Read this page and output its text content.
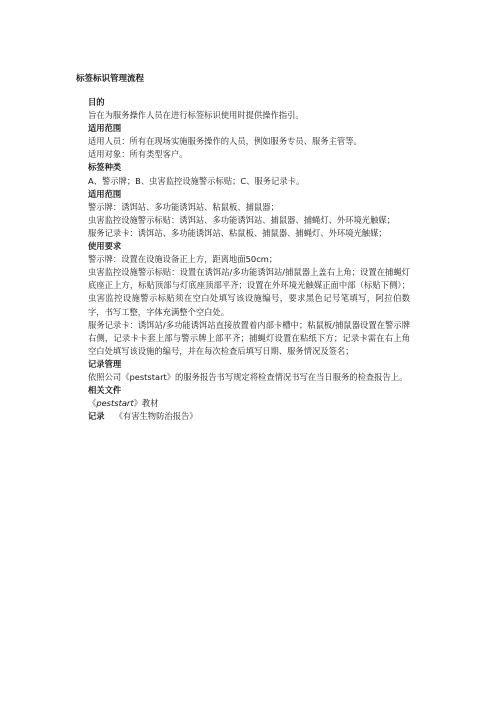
标签标识管理流程
目的
旨在为服务操作人员在进行标签标识使用时提供操作指引。
适用范围
适用人员：所有在现场实施服务操作的人员，例如服务专员、服务主管等。
适用对象：所有类型客户。
标签种类
A、警示牌；B、虫害监控设施警示标贴；C、服务记录卡。
适用范围
警示牌：诱饵站、多功能诱饵站、粘鼠板、捕鼠器；
虫害监控设施警示标贴：诱饵站、多功能诱饵站、捕鼠器、捕蝇灯、外环境光触媒；
服务记录卡：诱饵站、多功能诱饵站、粘鼠板、捕鼠器、捕蝇灯、外环境光触媒；
使用要求
警示牌：设置在设施设备正上方，距离地面50cm；
虫害监控设施警示标贴：设置在诱饵站/多功能诱饵站/捕鼠器上盖右上角；设置在捕蝇灯底座正上方，标贴顶部与灯底座顶部平齐；设置在外环境光触媒正面中部（标贴下侧）；虫害监控设施警示标贴须在空白处填写该设施编号，要求黑色记号笔填写，阿拉伯数字，书写工整，字体充满整个空白处。
服务记录卡：诱饵站/多功能诱饵站直接放置着内部卡槽中；粘鼠板/捕鼠器设置在警示牌右侧，记录卡卡套上部与警示牌上部平齐；捕蝇灯设置在粘纸下方；记录卡需在右上角空白处填写该设施的编号，并在每次检查后填写日期、服务情况及签名；
记录管理
依照公司《peststart》的服务报告书写规定将检查情况书写在当日服务的检查报告上。
相关文件
《peststart》教材
记录 《有害生物防治报告》
